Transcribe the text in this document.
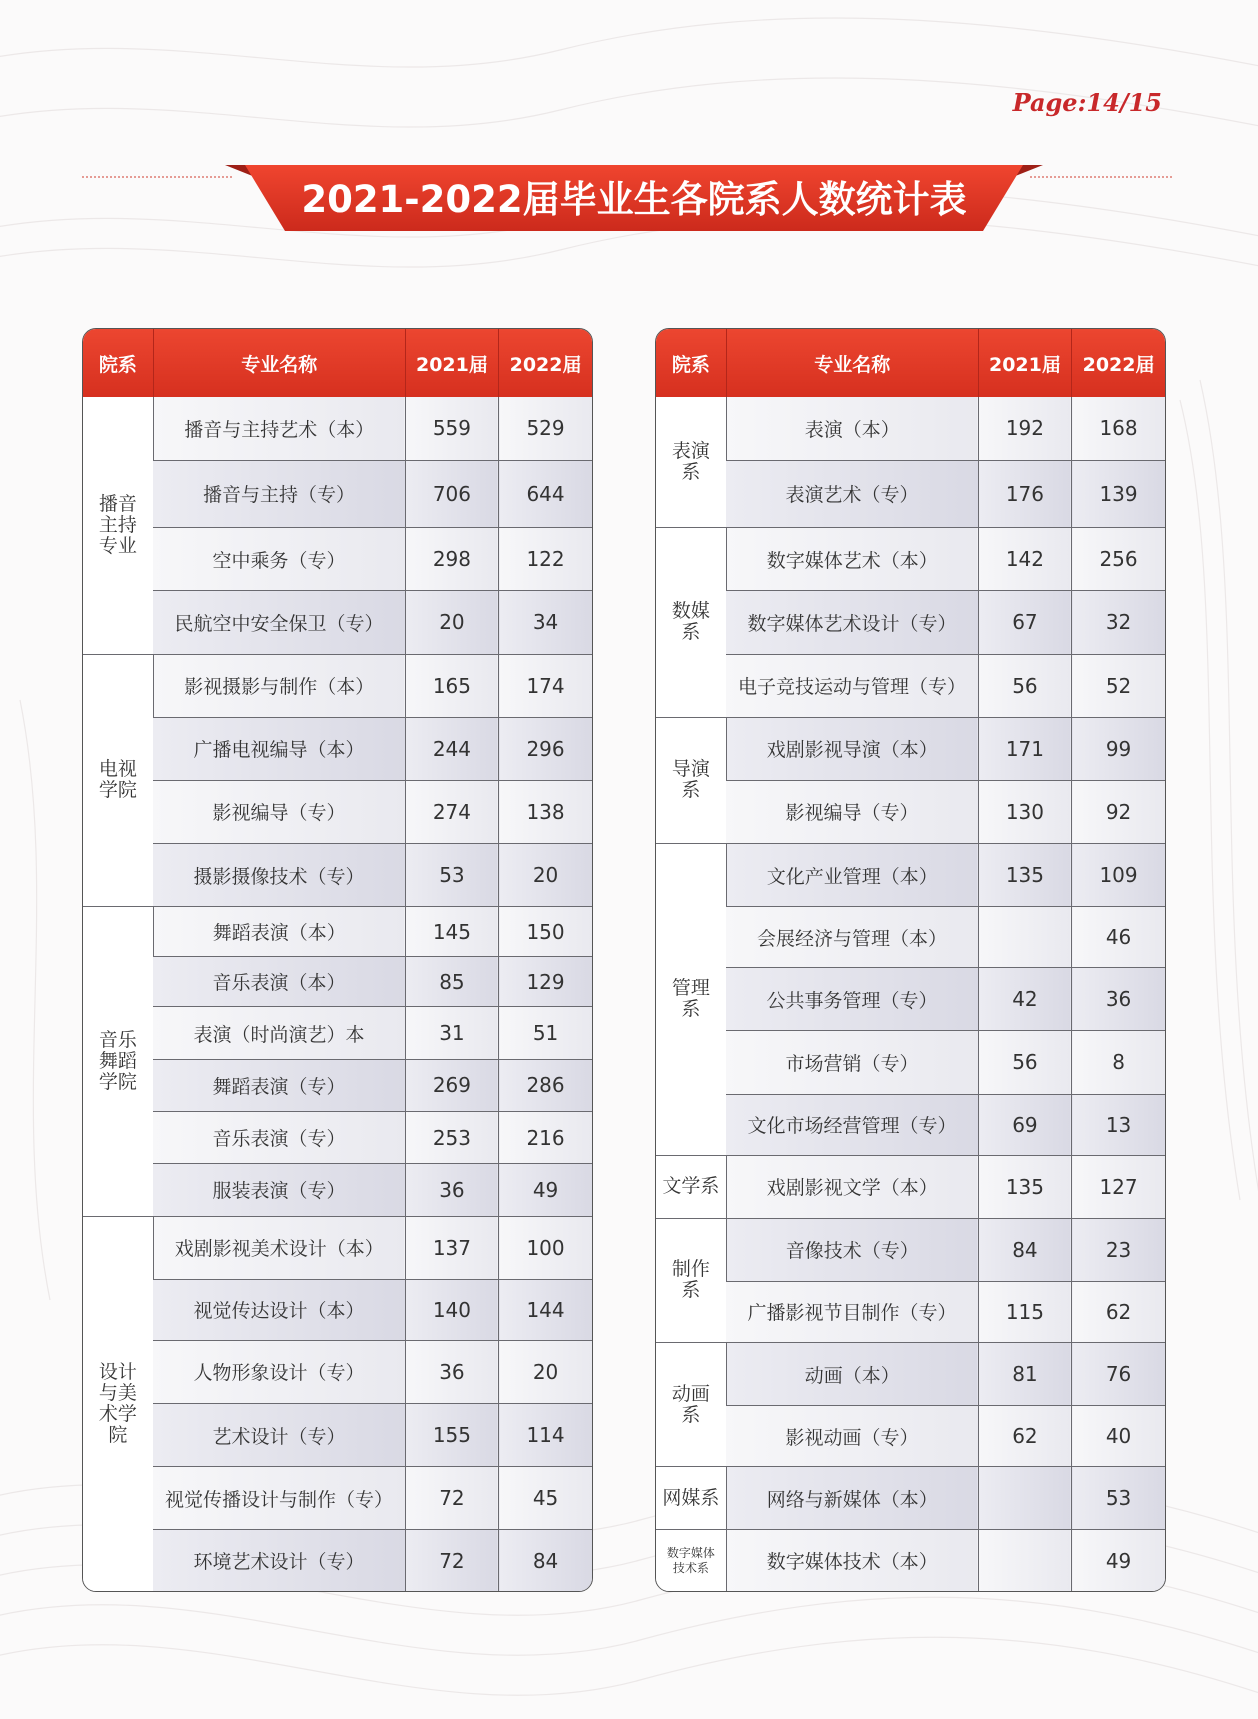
Page:14/15
2021-2022届毕业生各院系人数统计表
院系	专业名称	2021届	2022届
播音主持专业	播音与主持艺术（本）	559	529
	播音与主持（专）	706	644
	空中乘务（专）	298	122
	民航空中安全保卫（专）	20	34
电视学院	影视摄影与制作（本）	165	174
	广播电视编导（本）	244	296
	影视编导（专）	274	138
	摄影摄像技术（专）	53	20
音乐舞蹈学院	舞蹈表演（本）	145	150
	音乐表演（本）	85	129
	表演（时尚演艺）本	31	51
	舞蹈表演（专）	269	286
	音乐表演（专）	253	216
	服装表演（专）	36	49
设计与美术学院	戏剧影视美术设计（本）	137	100
	视觉传达设计（本）	140	144
	人物形象设计（专）	36	20
	艺术设计（专）	155	114
	视觉传播设计与制作（专）	72	45
	环境艺术设计（专）	72	84
院系	专业名称	2021届	2022届
表演系	表演（本）	192	168
	表演艺术（专）	176	139
数媒系	数字媒体艺术（本）	142	256
	数字媒体艺术设计（专）	67	32
	电子竞技运动与管理（专）	56	52
导演系	戏剧影视导演（本）	171	99
	影视编导（专）	130	92
管理系	文化产业管理（本）	135	109
	会展经济与管理（本）		46
	公共事务管理（专）	42	36
	市场营销（专）	56	8
	文化市场经营管理（专）	69	13
文学系	戏剧影视文学（本）	135	127
制作系	音像技术（专）	84	23
	广播影视节目制作（专）	115	62
动画系	动画（本）	81	76
	影视动画（专）	62	40
网媒系	网络与新媒体（本）		53
数字媒体技术系	数字媒体技术（本）		49
